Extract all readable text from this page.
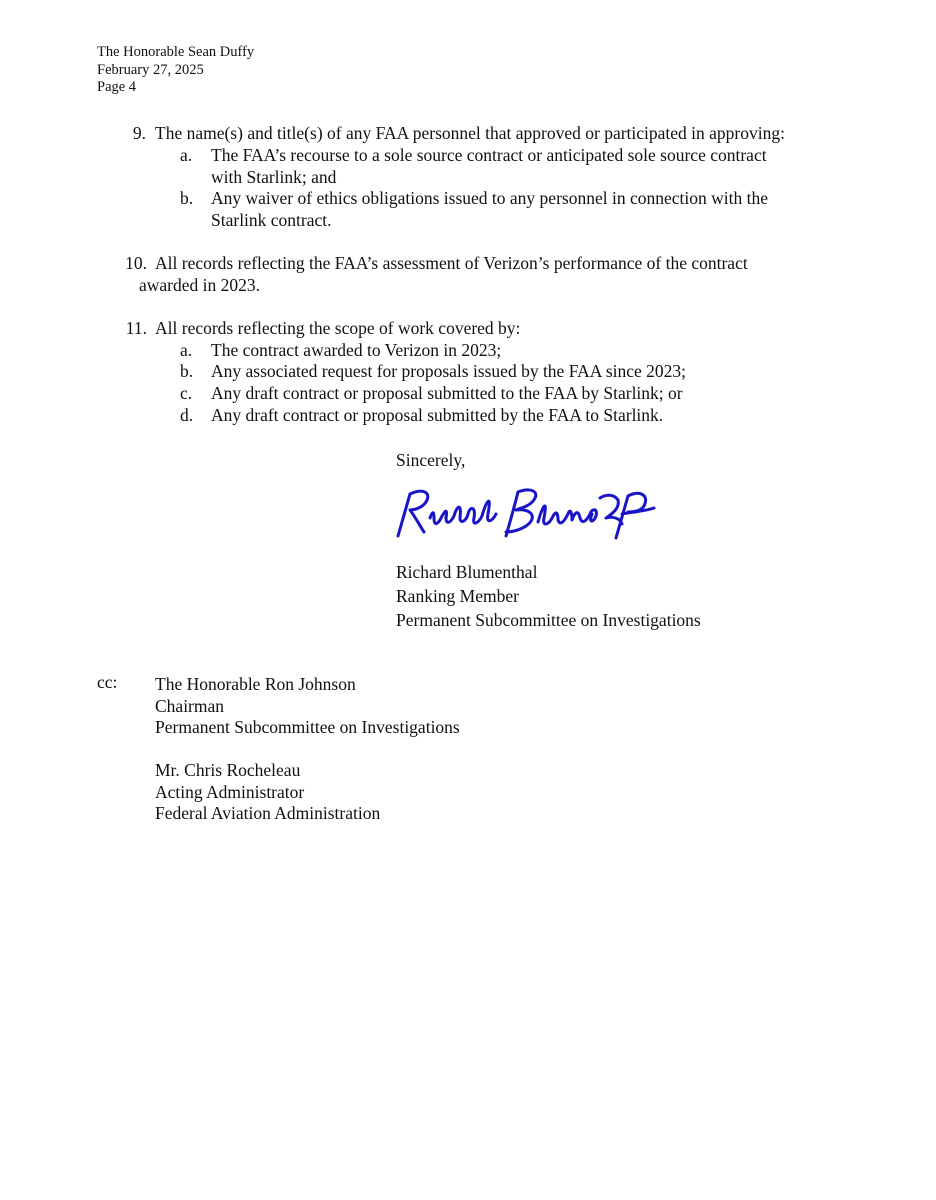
The Honorable Sean Duffy
February 27, 2025
Page 4
9. The name(s) and title(s) of any FAA personnel that approved or participated in approving:
a.	The FAA’s recourse to a sole source contract or anticipated sole source contract
with Starlink; and
b.	Any waiver of ethics obligations issued to any personnel in connection with the
Starlink contract.
10. All records reflecting the FAA’s assessment of Verizon’s performance of the contract
awarded in 2023.
11. All records reflecting the scope of work covered by:
a.	The contract awarded to Verizon in 2023;
b.	Any associated request for proposals issued by the FAA since 2023;
c.	Any draft contract or proposal submitted to the FAA by Starlink; or
d.	Any draft contract or proposal submitted by the FAA to Starlink.
Sincerely,
Richard Blumenthal
Ranking Member
Permanent Subcommittee on Investigations
cc: The Honorable Ron Johnson
Chairman
Permanent Subcommittee on Investigations
Mr. Chris Rocheleau
Acting Administrator
Federal Aviation Administration
